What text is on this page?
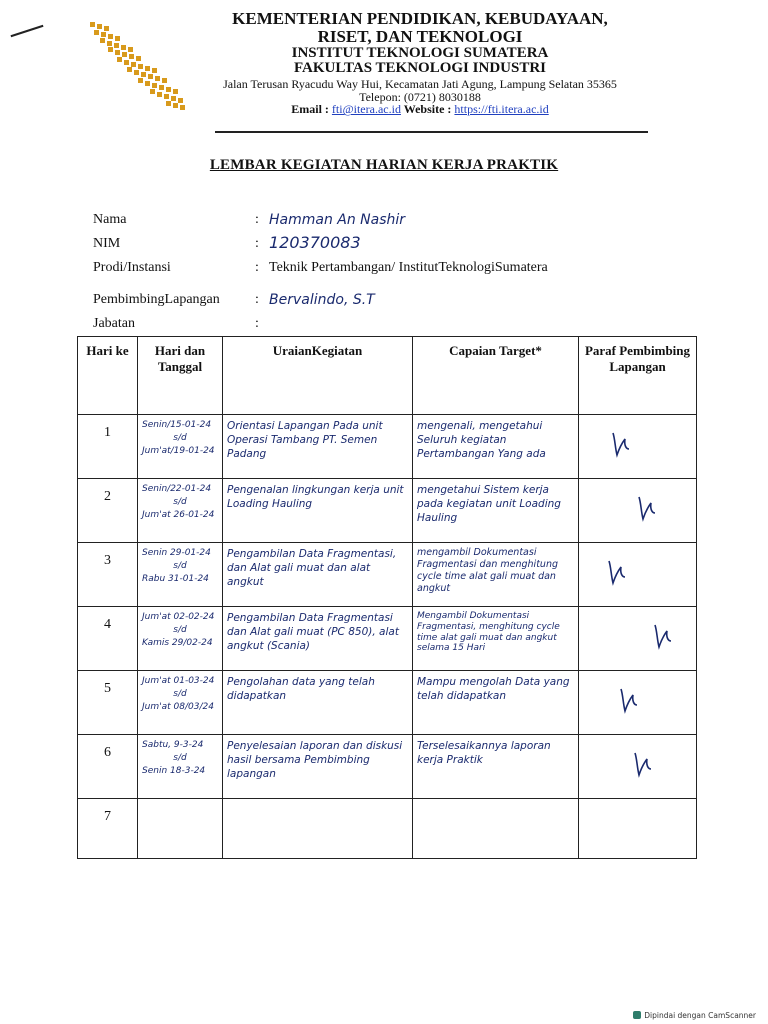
KEMENTERIAN PENDIDIKAN, KEBUDAYAAN,
RISET, DAN TEKNOLOGI
INSTITUT TEKNOLOGI SUMATERA
FAKULTAS TEKNOLOGI INDUSTRI
Jalan Terusan Ryacudu Way Hui, Kecamatan Jati Agung, Lampung Selatan 35365
Telepon: (0721) 8030188
Email : fti@itera.ac.id Website : https://fti.itera.ac.id
LEMBAR KEGIATAN HARIAN KERJA PRAKTIK
Nama	: Hamman An Nashir
NIM	: 120370083
Prodi/Instansi	: Teknik Pertambangan/ InstitutTeknologiSumatera
PembimbingLapangan	: Bervalindo, S.T
Jabatan	:
Hari ke	Hari dan Tanggal	UraianKegiatan	Capaian Target*	Paraf Pembimbing Lapangan
1	Senin/15-01-24
s/d
Jum'at/19-01-24	Orientasi Lapangan Pada unit Operasi Tambang PT. Semen Padang	mengenali, mengetahui Seluruh kegiatan Pertambangan Yang ada	

2	Senin/22-01-24
s/d
Jum'at 26-01-24	Pengenalan lingkungan kerja unit Loading Hauling	mengetahui Sistem kerja pada kegiatan unit Loading Hauling	

3	Senin 29-01-24
s/d
Rabu 31-01-24	Pengambilan Data Fragmentasi, dan Alat gali muat dan alat angkut	mengambil Dokumentasi Fragmentasi dan menghitung cycle time alat gali muat dan angkut	

4	Jum'at 02-02-24
s/d
Kamis 29/02-24	Pengambilan Data Fragmentasi dan Alat gali muat (PC 850), alat angkut (Scania)	Mengambil Dokumentasi Fragmentasi, menghitung cycle time alat gali muat dan angkut selama 15 Hari	

5	Jum'at 01-03-24
s/d
Jum'at 08/03/24	Pengolahan data yang telah didapatkan	Mampu mengolah Data yang telah didapatkan	

6	Sabtu, 9-3-24
s/d
Senin 18-3-24	Penyelesaian laporan dan diskusi hasil bersama Pembimbing lapangan	Terselesaikannya laporan kerja Praktik	

7	

Dipindai dengan CamScanner
